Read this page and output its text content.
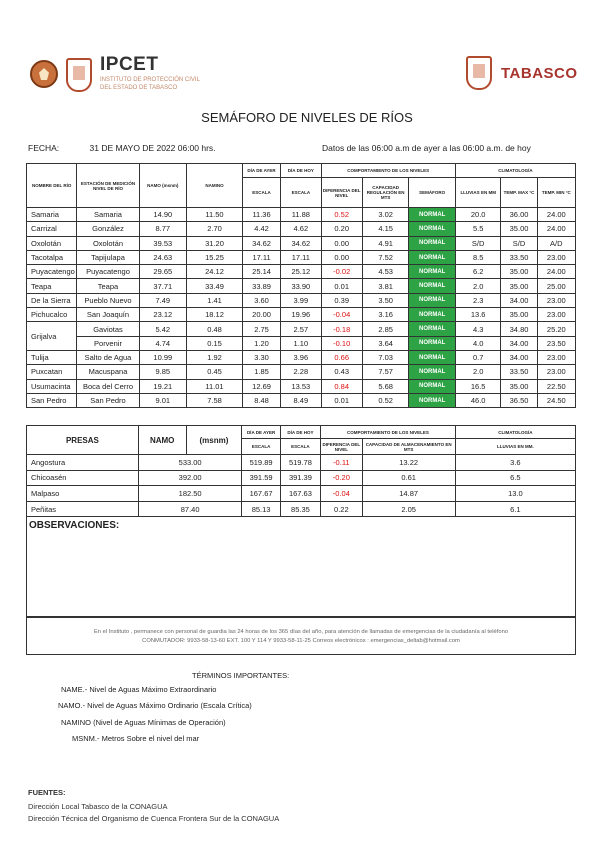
IPCET
INSTITUTO DE PROTECCIÓN CIVIL
DEL ESTADO DE TABASCO
TABASCO
SEMÁFORO DE NIVELES DE RÍOS
FECHA:	31 DE MAYO DE 2022 06:00 hrs.	Datos de las 06:00 a.m de ayer a las 06:00 a.m. de hoy
NOMBRE DEL RÍO	ESTACIÓN DE MEDICIÓN NIVEL DE RÍO	NAMO (msnm)	NAMINO	DÍA DE AYER	DÍA DE HOY	COMPORTAMIENTO DE LOS NIVELES			CLIMATOLOGÍA		
				ESCALA	ESCALA	DIFERENCIA DEL NIVEL	CAPACIDAD REGULACIÓN EN MTS	SEMÁFORO	LLUVIAS EN MM	TEMP. MAX °C	TEMP. MIN °C
Samaria	Samaria	14.90	11.50	11.36	11.88	0.52	3.02	NORMAL	20.0	36.00	24.00
Carrizal	González	8.77	2.70	4.42	4.62	0.20	4.15	NORMAL	5.5	35.00	24.00
Oxolotán	Oxolotán	39.53	31.20	34.62	34.62	0.00	4.91	NORMAL	S/D	S/D	A/D
Tacotalpa	Tapijulapa	24.63	15.25	17.11	17.11	0.00	7.52	NORMAL	8.5	33.50	23.00
Puyacatengo	Puyacatengo	29.65	24.12	25.14	25.12	-0.02	4.53	NORMAL	6.2	35.00	24.00
Teapa	Teapa	37.71	33.49	33.89	33.90	0.01	3.81	NORMAL	2.0	35.00	25.00
De la Sierra	Pueblo Nuevo	7.49	1.41	3.60	3.99	0.39	3.50	NORMAL	2.3	34.00	23.00
Pichucalco	San Joaquín	23.12	18.12	20.00	19.96	-0.04	3.16	NORMAL	13.6	35.00	23.00
Grijalva	Gaviotas	5.42	0.48	2.75	2.57	-0.18	2.85	NORMAL	4.3	34.80	25.20
	Porvenir	4.74	0.15	1.20	1.10	-0.10	3.64	NORMAL	4.0	34.00	23.50
Tulija	Salto de Agua	10.99	1.92	3.30	3.96	0.66	7.03	NORMAL	0.7	34.00	23.00
Puxcatan	Macuspana	9.85	0.45	1.85	2.28	0.43	7.57	NORMAL	2.0	33.50	23.00
Usumacinta	Boca del Cerro	19.21	11.01	12.69	13.53	0.84	5.68	NORMAL	16.5	35.00	22.50
San Pedro	San Pedro	9.01	7.58	8.48	8.49	0.01	0.52	NORMAL	46.0	36.50	24.50
PRESAS	NAMO	(msnm)	DÍA DE AYER	DÍA DE HOY	COMPORTAMIENTO DE LOS NIVELES		CLIMATOLOGÍA
			ESCALA	ESCALA	DIFERENCIA DEL NIVEL	CAPACIDAD DE ALMACENAMIENTO EN MTS	LLUVIAS EN MM.
Angostura	533.00		519.89	519.78	-0.11	13.22	3.6
Chicoasén	392.00		391.59	391.39	-0.20	0.61	6.5
Malpaso	182.50		167.67	167.63	-0.04	14.87	13.0
Peñitas	87.40		85.13	85.35	0.22	2.05	6.1
OBSERVACIONES:
En el Instituto , permanece con personal de guardia las 24 horas de los 365 días del año, para atención de llamadas de emergencias de la ciudadanía al teléfono
CONMUTADOR: 9933-58-13-60 EXT. 100 Y 114 Y 9933-58-11-25 Correos electrónicos : emergencias_deltab@hotmail.com
TÉRMINOS IMPORTANTES:
NAME.- Nivel de Aguas Máximo Extraordinario
NAMO.- Nivel de Aguas Máximo Ordinario (Escala Crítica)
NAMINO (Nivel de Aguas Mínimas de Operación)
MSNM.- Metros Sobre el nivel del mar
FUENTES:
Dirección Local Tabasco de la CONAGUA
Dirección Técnica del Organismo de Cuenca Frontera Sur de la CONAGUA
